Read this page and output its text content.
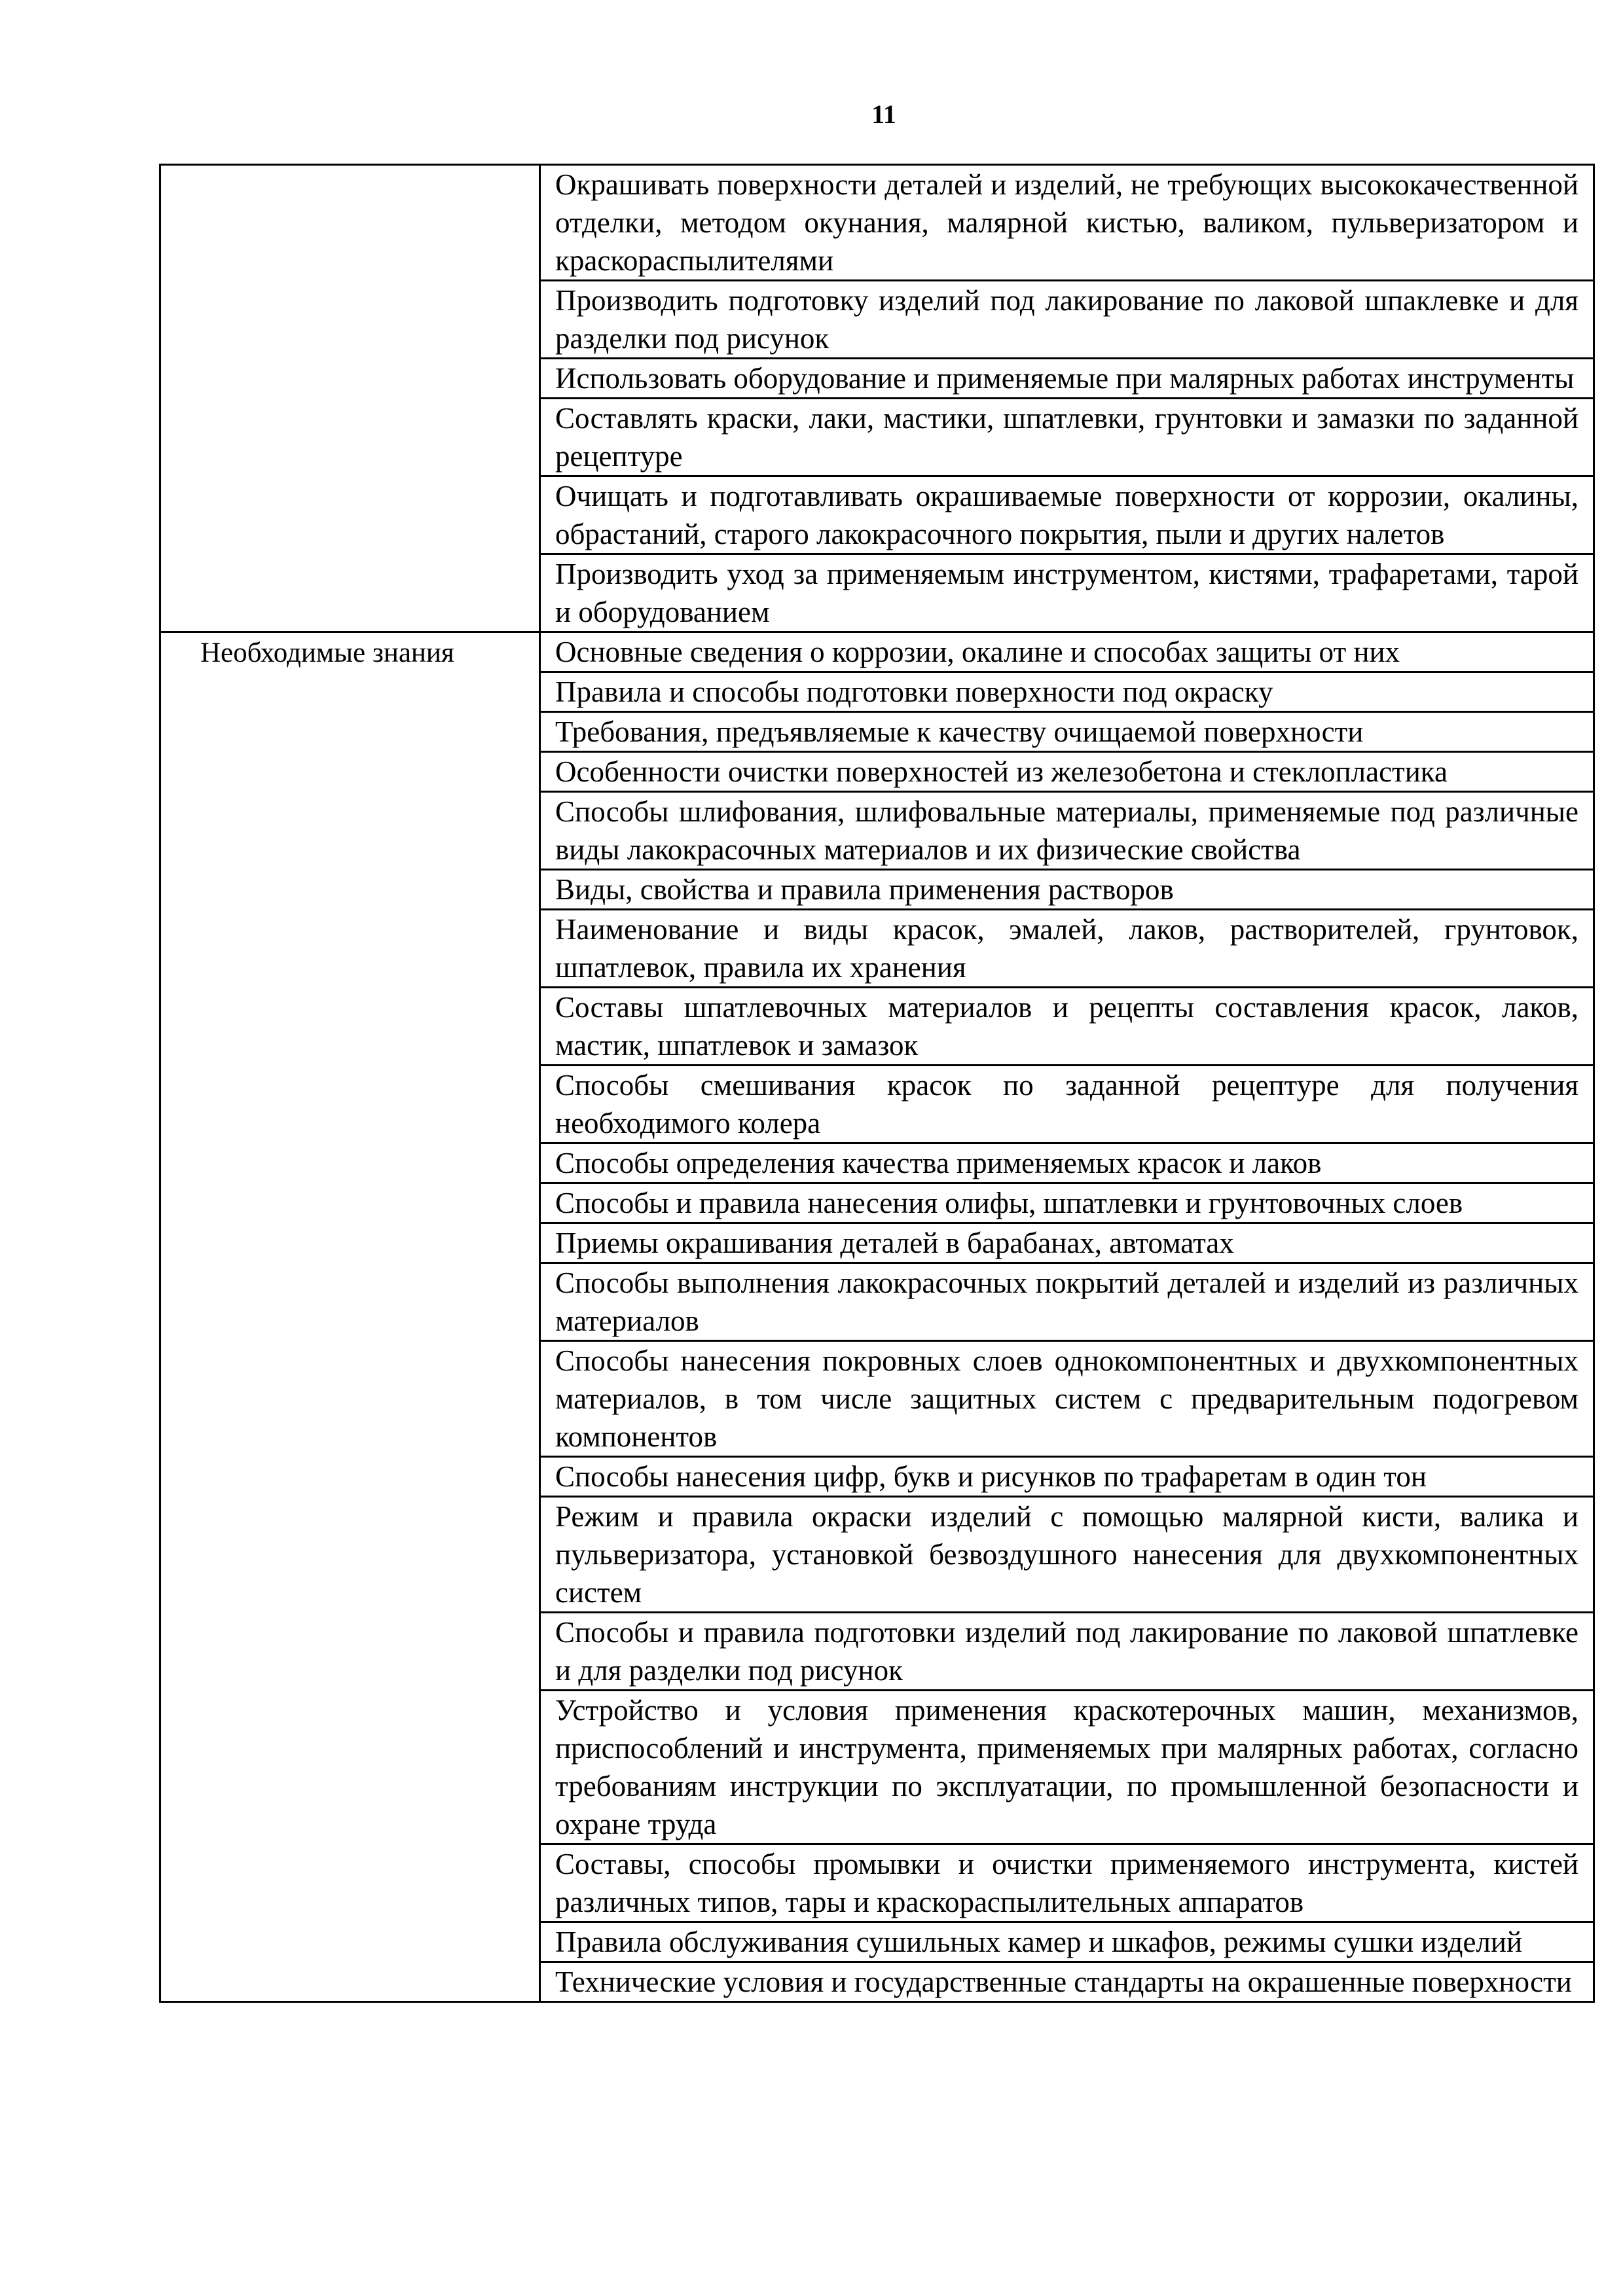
11
	Окрашивать поверхности деталей и изделий, не требующих высококачественной отделки, методом окунания, малярной кистью, валиком, пульверизатором и краскораспылителями
	Производить подготовку изделий под лакирование по лаковой шпаклевке и для разделки под рисунок
	Использовать оборудование и применяемые при малярных работах инструменты
	Составлять краски, лаки, мастики, шпатлевки, грунтовки и замазки по заданной рецептуре
	Очищать и подготавливать окрашиваемые поверхности от коррозии, окалины, обрастаний, старого лакокрасочного покрытия, пыли и других налетов
	Производить уход за применяемым инструментом, кистями, трафаретами, тарой и оборудованием
Необходимые знания	Основные сведения о коррозии, окалине и способах защиты от них
	Правила и способы подготовки поверхности под окраску
	Требования, предъявляемые к качеству очищаемой поверхности
	Особенности очистки поверхностей из железобетона и стеклопластика
	Способы шлифования, шлифовальные материалы, применяемые под различные виды лакокрасочных материалов и их физические свойства
	Виды, свойства и правила применения растворов
	Наименование и виды красок, эмалей, лаков, растворителей, грунтовок, шпатлевок, правила их хранения
	Составы шпатлевочных материалов и рецепты составления красок, лаков, мастик, шпатлевок и замазок
	Способы смешивания красок по заданной рецептуре для получения необходимого колера
	Способы определения качества применяемых красок и лаков
	Способы и правила нанесения олифы, шпатлевки и грунтовочных слоев
	Приемы окрашивания деталей в барабанах, автоматах
	Способы выполнения лакокрасочных покрытий деталей и изделий из различных материалов
	Способы нанесения покровных слоев однокомпонентных и двухкомпонентных материалов, в том числе защитных систем с предварительным подогревом компонентов
	Способы нанесения цифр, букв и рисунков по трафаретам в один тон
	Режим и правила окраски изделий с помощью малярной кисти, валика и пульверизатора, установкой безвоздушного нанесения для двухкомпонентных систем
	Способы и правила подготовки изделий под лакирование по лаковой шпатлевке и для разделки под рисунок
	Устройство и условия применения краскотерочных машин, механизмов, приспособлений и инструмента, применяемых при малярных работах, согласно требованиям инструкции по эксплуатации, по промышленной безопасности и охране труда
	Составы, способы промывки и очистки применяемого инструмента, кистей различных типов, тары и краскораспылительных аппаратов
	Правила обслуживания сушильных камер и шкафов, режимы сушки изделий
	Технические условия и государственные стандарты на окрашенные поверхности
